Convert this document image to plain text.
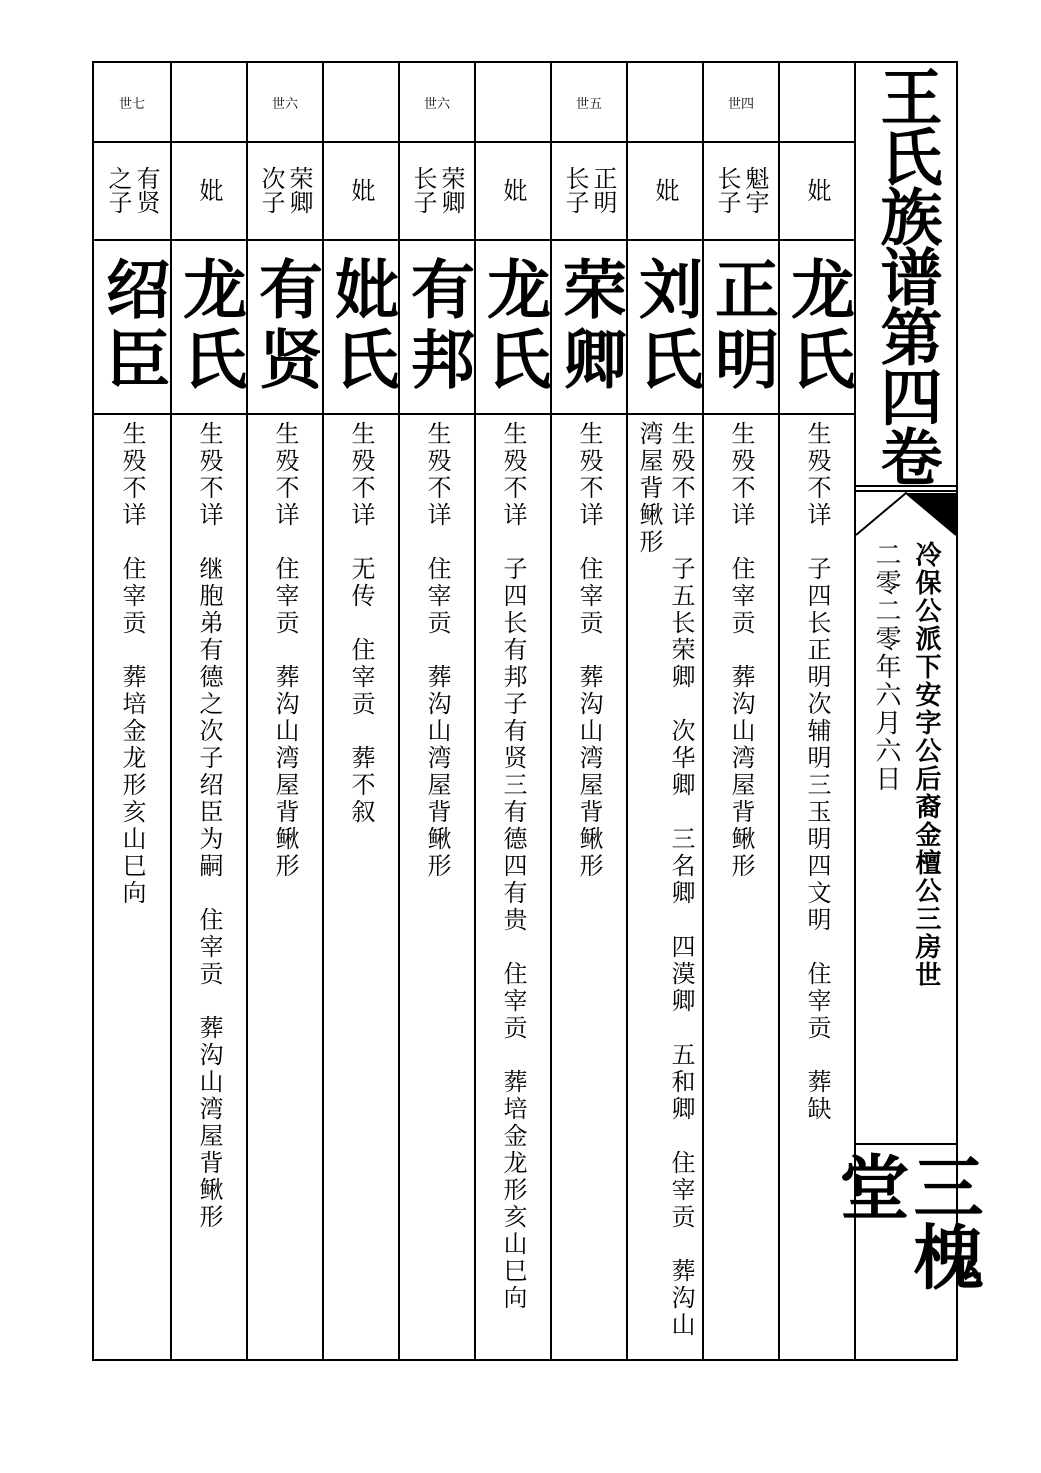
妣
龙氏
生殁不详　子四长正明次辅明三玉明四文明　住宰贡　葬缺
世四
魁宇
长子
正明
生殁不详　住宰贡　葬沟山湾屋背鳅形
妣
刘氏
生殁不详　子五长荣卿　次华卿　三名卿　四漠卿　五和卿　住宰贡　葬沟山湾屋背鳅形
世五
正明
长子
荣卿
生殁不详　住宰贡　葬沟山湾屋背鳅形
妣
龙氏
生殁不详　子四长有邦子有贤三有德四有贵　住宰贡　葬培金龙形亥山巳向
世六
荣卿
长子
有邦
生殁不详　住宰贡　葬沟山湾屋背鳅形
妣
妣氏
生殁不详　无传　住宰贡　葬不叙
世六
荣卿
次子
有贤
生殁不详　住宰贡　葬沟山湾屋背鳅形
妣
龙氏
生殁不详　继胞弟有德之次子绍臣为嗣　住宰贡　葬沟山湾屋背鳅形
世七
有贤
之子
绍臣
生殁不详　住宰贡　葬培金龙形亥山巳向
王氏族谱第四卷
冷保公派下安字公后裔金檀公三房世
二零二零年六月六日
三槐堂
